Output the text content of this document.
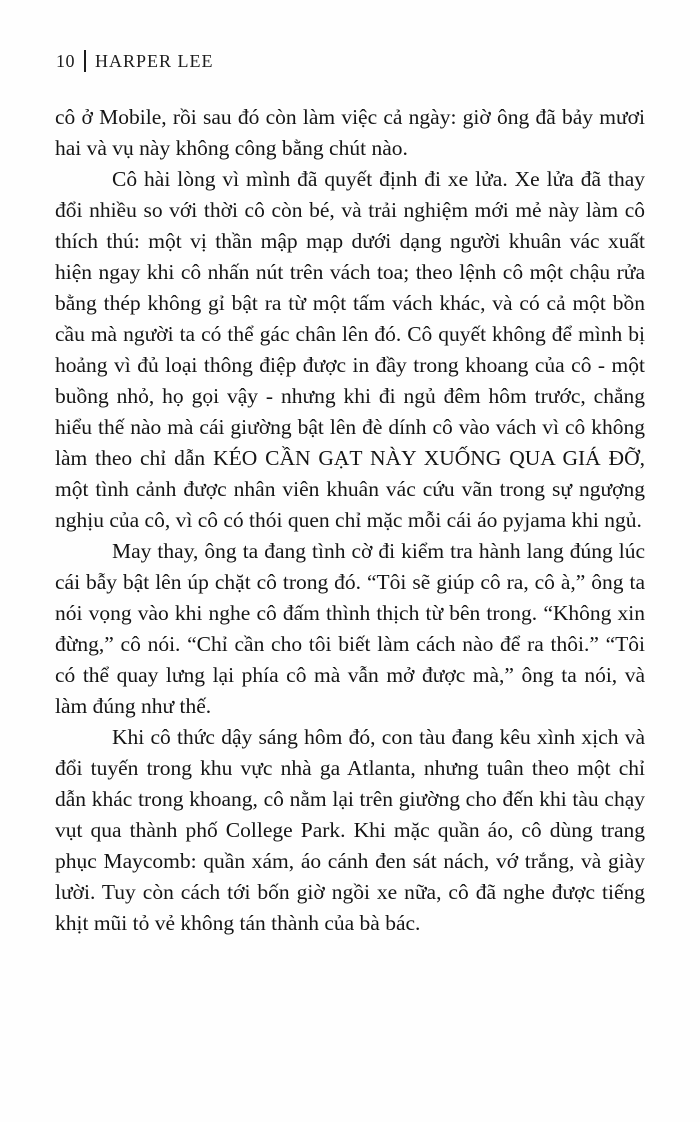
10 HARPER LEE

cô ở Mobile, rồi sau đó còn làm việc cả ngày: giờ ông đã bảy mươi hai và vụ này không công bằng chút nào.

Cô hài lòng vì mình đã quyết định đi xe lửa. Xe lửa đã thay đổi nhiều so với thời cô còn bé, và trải nghiệm mới mẻ này làm cô thích thú: một vị thần mập mạp dưới dạng người khuân vác xuất hiện ngay khi cô nhấn nút trên vách toa; theo lệnh cô một chậu rửa bằng thép không gỉ bật ra từ một tấm vách khác, và có cả một bồn cầu mà người ta có thể gác chân lên đó. Cô quyết không để mình bị hoảng vì đủ loại thông điệp được in đầy trong khoang của cô - một buồng nhỏ, họ gọi vậy - nhưng khi đi ngủ đêm hôm trước, chẳng hiểu thế nào mà cái giường bật lên đè dính cô vào vách vì cô không làm theo chỉ dẫn KÉO CẦN GẠT NÀY XUỐNG QUA GIÁ ĐỠ, một tình cảnh được nhân viên khuân vác cứu vãn trong sự ngượng nghịu của cô, vì cô có thói quen chỉ mặc mỗi cái áo pyjama khi ngủ.

May thay, ông ta đang tình cờ đi kiểm tra hành lang đúng lúc cái bẫy bật lên úp chặt cô trong đó. “Tôi sẽ giúp cô ra, cô à,” ông ta nói vọng vào khi nghe cô đấm thình thịch từ bên trong. “Không xin đừng,” cô nói. “Chỉ cần cho tôi biết làm cách nào để ra thôi.” “Tôi có thể quay lưng lại phía cô mà vẫn mở được mà,” ông ta nói, và làm đúng như thế.

Khi cô thức dậy sáng hôm đó, con tàu đang kêu xình xịch và đổi tuyến trong khu vực nhà ga Atlanta, nhưng tuân theo một chỉ dẫn khác trong khoang, cô nằm lại trên giường cho đến khi tàu chạy vụt qua thành phố College Park. Khi mặc quần áo, cô dùng trang phục Maycomb: quần xám, áo cánh đen sát nách, vớ trắng, và giày lười. Tuy còn cách tới bốn giờ ngồi xe nữa, cô đã nghe được tiếng khịt mũi tỏ vẻ không tán thành của bà bác.
